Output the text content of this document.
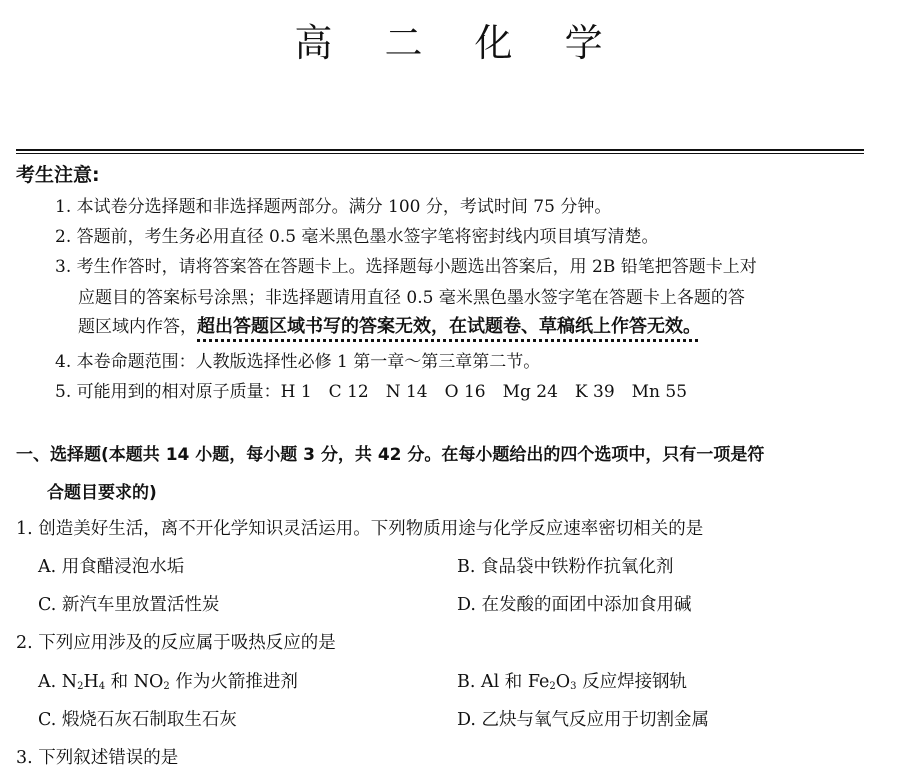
高 二 化 学
考生注意:
1. 本试卷分选择题和非选择题两部分。满分 100 分，考试时间 75 分钟。
2. 答题前，考生务必用直径 0.5 毫米黑色墨水签字笔将密封线内项目填写清楚。
3. 考生作答时，请将答案答在答题卡上。选择题每小题选出答案后，用 2B 铅笔把答题卡上对
应题目的答案标号涂黑；非选择题请用直径 0.5 毫米黑色墨水签字笔在答题卡上各题的答
题区域内作答，超出答题区域书写的答案无效，在试题卷、草稿纸上作答无效。
4. 本卷命题范围：人教版选择性必修 1 第一章～第三章第二节。
5. 可能用到的相对原子质量：H 1　C 12　N 14　O 16　Mg 24　K 39　Mn 55
一、选择题(本题共 14 小题，每小题 3 分，共 42 分。在每小题给出的四个选项中，只有一项是符
合题目要求的)
1. 创造美好生活，离不开化学知识灵活运用。下列物质用途与化学反应速率密切相关的是
A. 用食醋浸泡水垢	B. 食品袋中铁粉作抗氧化剂
C. 新汽车里放置活性炭	D. 在发酸的面团中添加食用碱
2. 下列应用涉及的反应属于吸热反应的是
A. $N_2H_4$ 和 $NO_2$ 作为火箭推进剂	B. Al 和 $Fe_2O_3$ 反应焊接钢轨
C. 煅烧石灰石制取生石灰	D. 乙炔与氧气反应用于切割金属
3. 下列叙述错误的是
